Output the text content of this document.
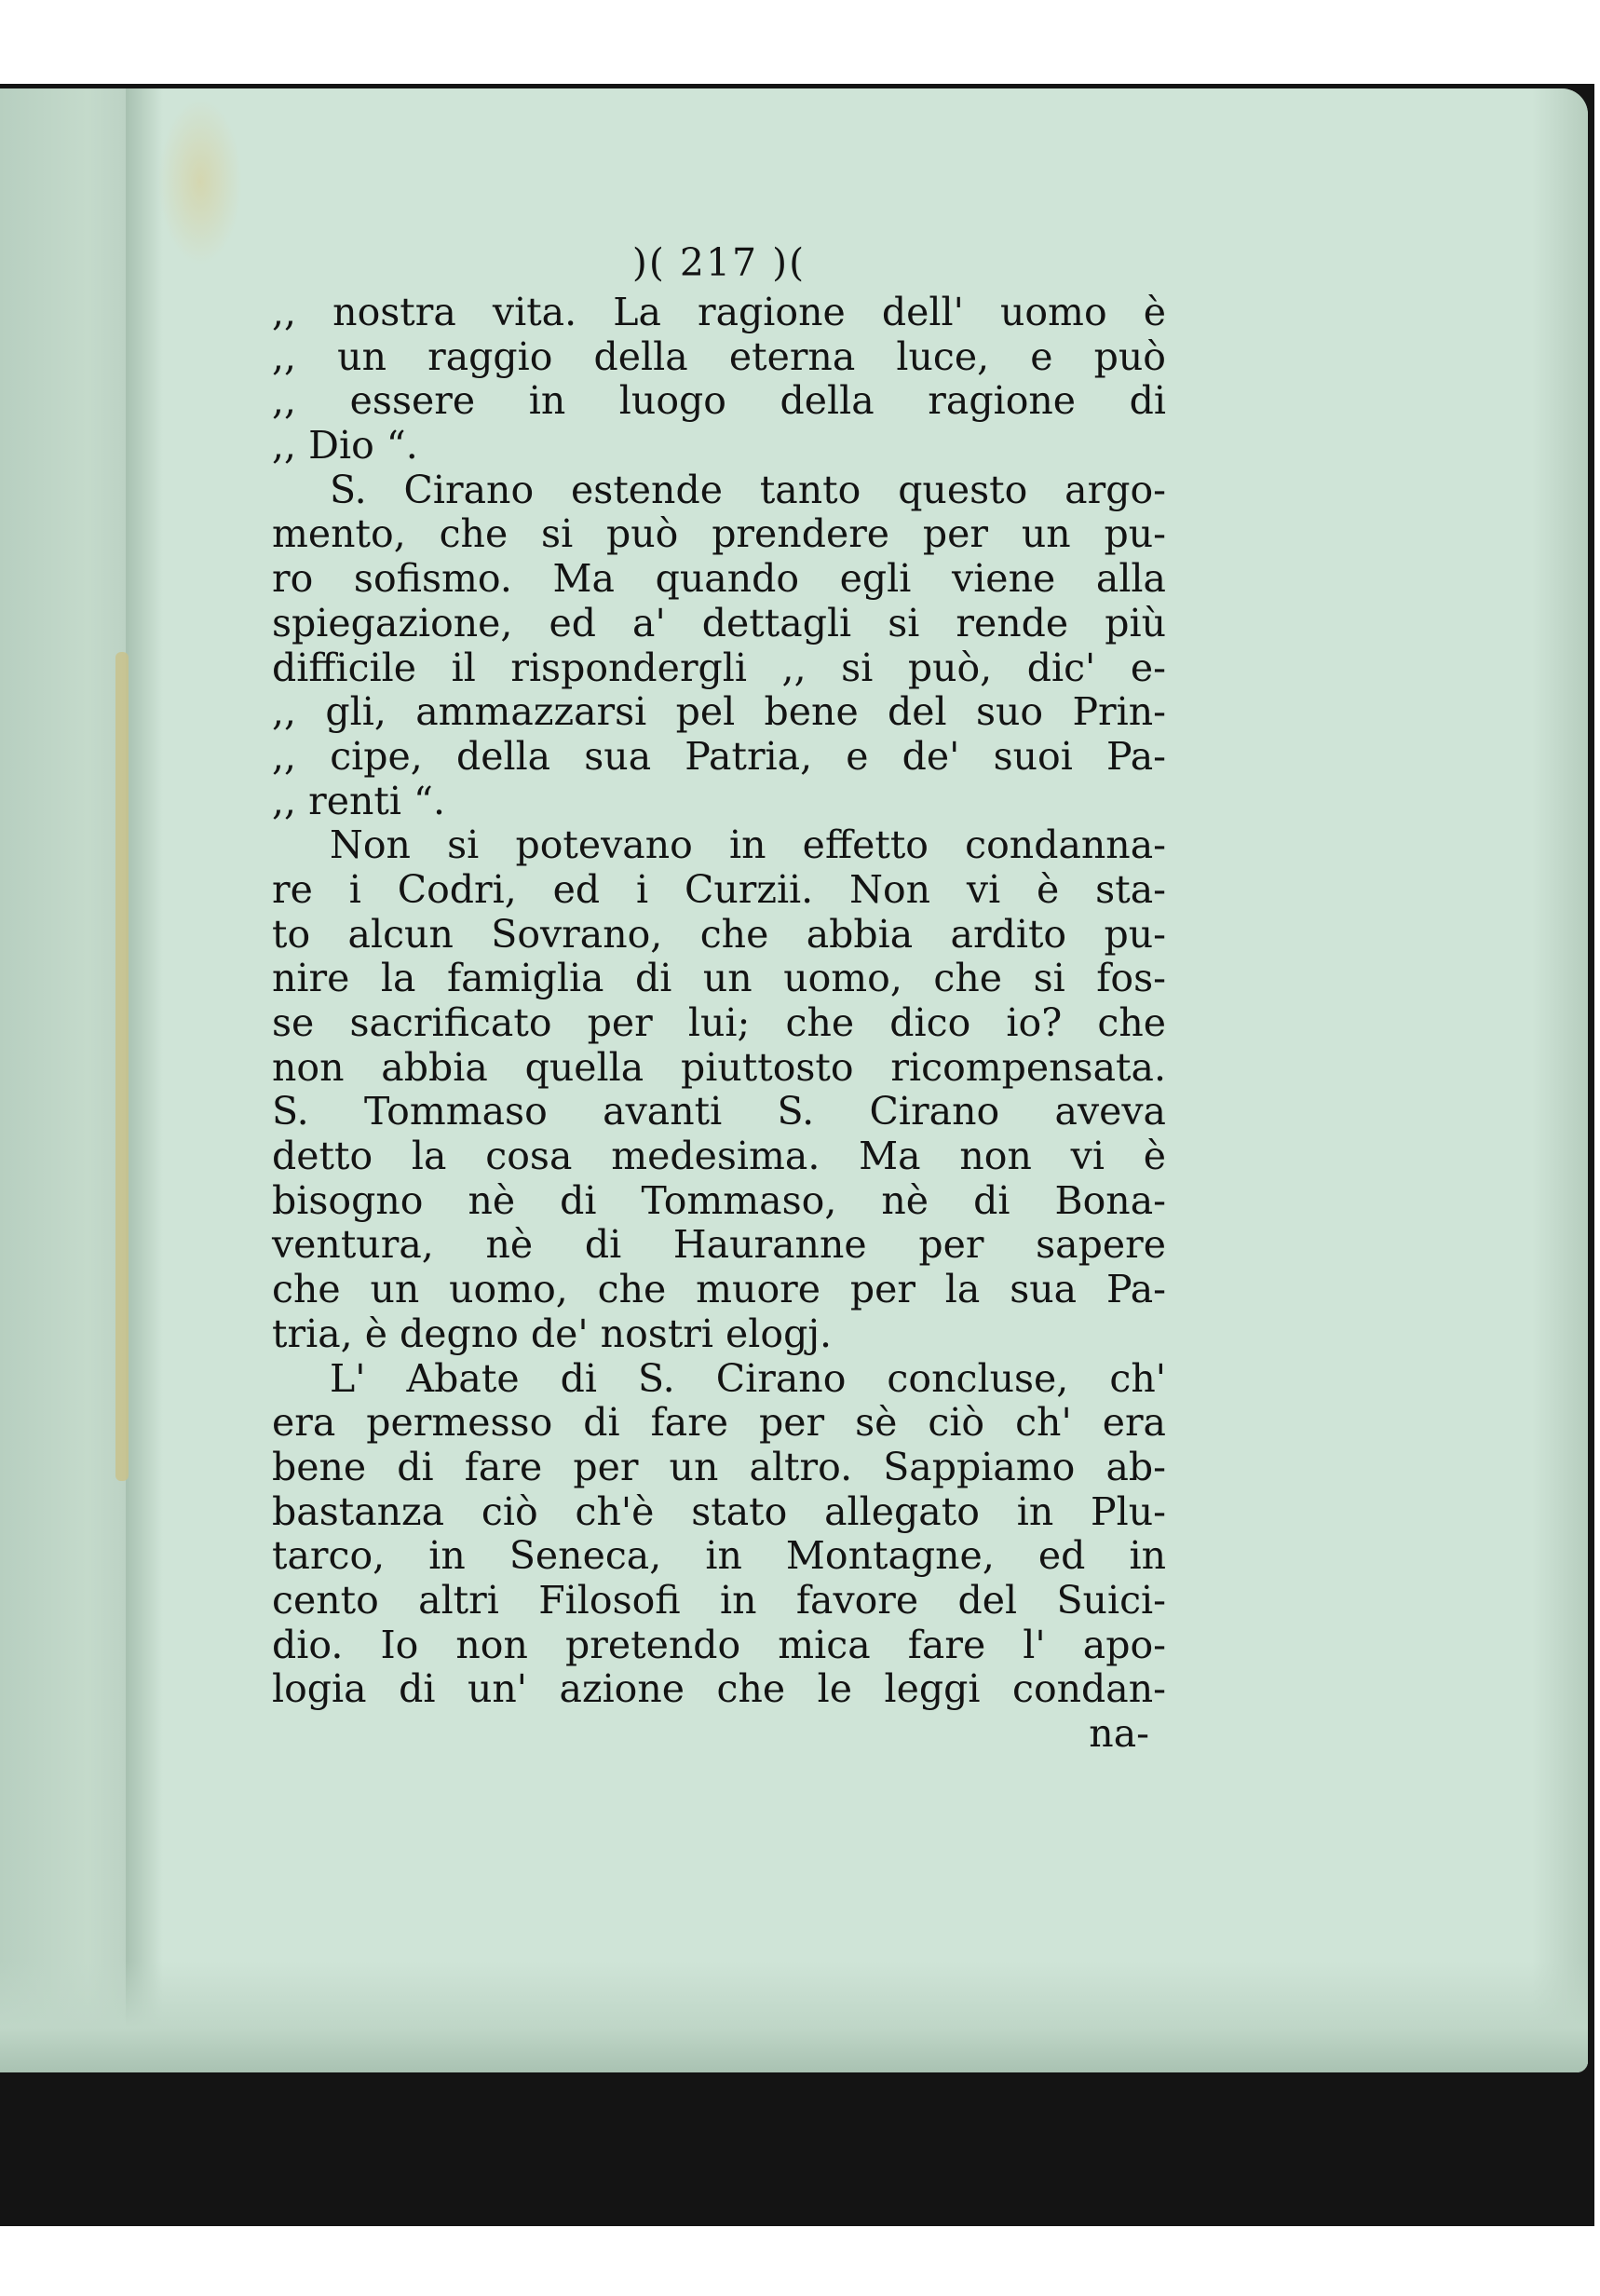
)( 217 )(
,, nostra vita. La ragione dell' uomo è
,, un raggio della eterna luce, e può
,, essere in luogo della ragione di
,, Dio “.
S. Cirano estende tanto questo argo-
mento, che si può prendere per un pu-
ro sofismo. Ma quando egli viene alla
spiegazione, ed a' dettagli si rende più
difficile il rispondergli ,, si può, dic' e-
,, gli, ammazzarsi pel bene del suo Prin-
,, cipe, della sua Patria, e de' suoi Pa-
,, renti “.
Non si potevano in effetto condanna-
re i Codri, ed i Curzii. Non vi è sta-
to alcun Sovrano, che abbia ardito pu-
nire la famiglia di un uomo, che si fos-
se sacrificato per lui; che dico io? che
non abbia quella piuttosto ricompensata.
S. Tommaso avanti S. Cirano aveva
detto la cosa medesima. Ma non vi è
bisogno nè di Tommaso, nè di Bona-
ventura, nè di Hauranne per sapere
che un uomo, che muore per la sua Pa-
tria, è degno de' nostri elogj.
L' Abate di S. Cirano concluse, ch'
era permesso di fare per sè ciò ch' era
bene di fare per un altro. Sappiamo ab-
bastanza ciò ch'è stato allegato in Plu-
tarco, in Seneca, in Montagne, ed in
cento altri Filosofi in favore del Suici-
dio. Io non pretendo mica fare l' apo-
logia di un' azione che le leggi condan-
na-
